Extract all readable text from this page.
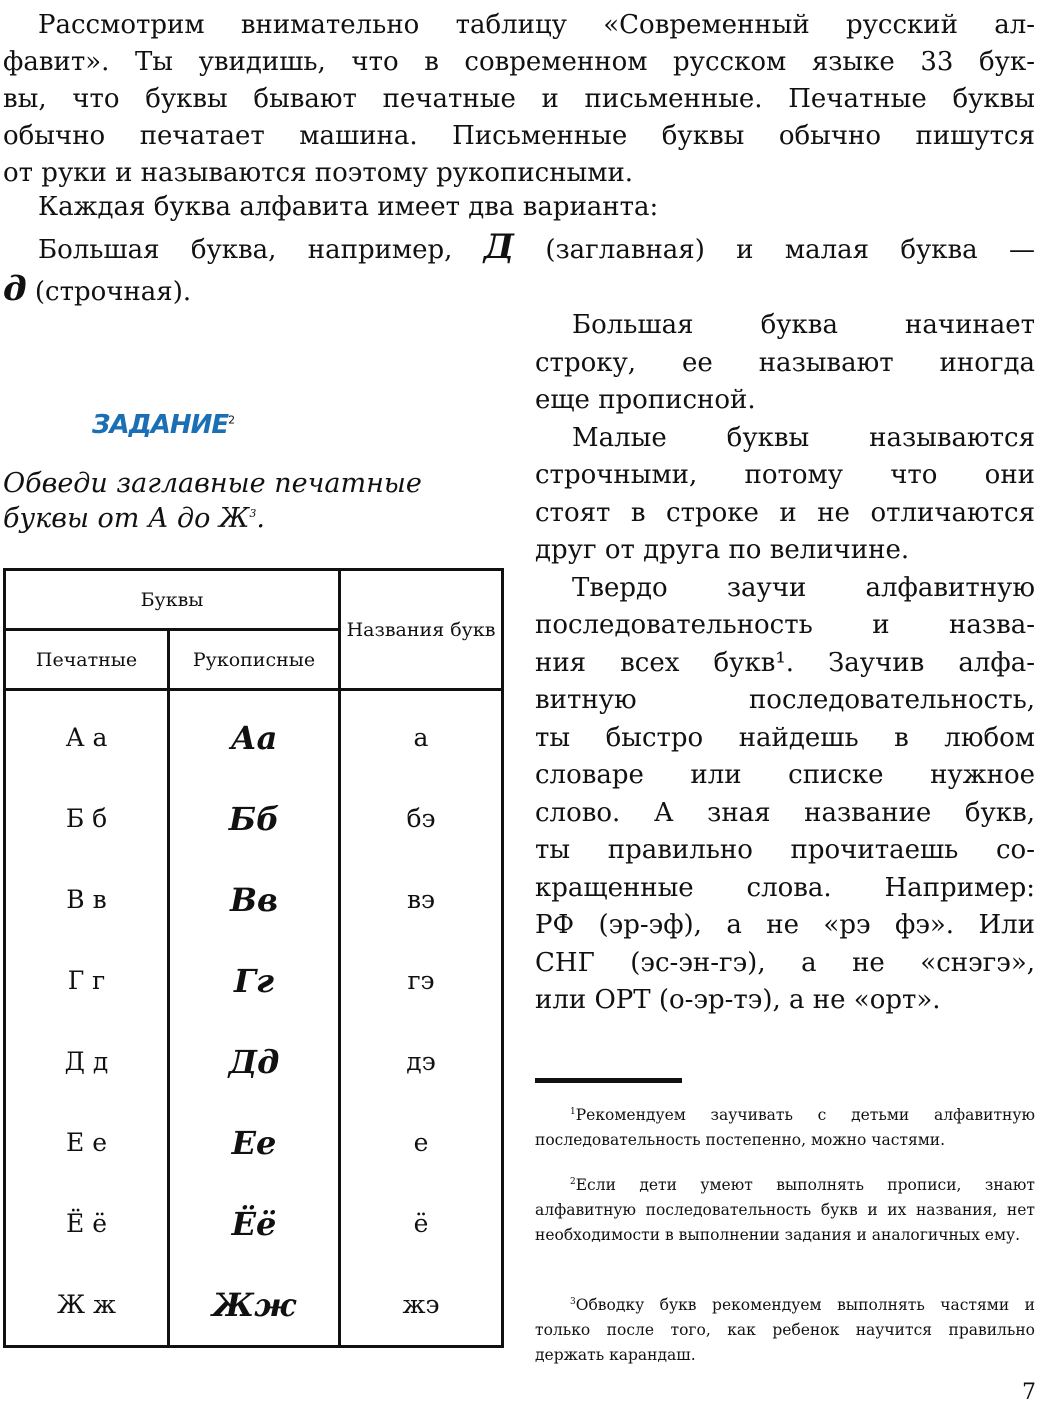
Рассмотрим внимательно таблицу «Современный русский ал-
фавит». Ты увидишь, что в современном русском языке 33 бук-
вы, что буквы бывают печатные и письменные. Печатные буквы
обычно печатает машина. Письменные буквы обычно пишутся
от руки и называются поэтому рукописными.
Каждая буква алфавита имеет два варианта:
Большая буква, например, Д (заглавная) и малая буква —
д (строчная).
ЗАДАНИЕ$^2$
Обведи заглавные печатные
буквы от А до $Ж^3$.
Буквы		Названия букв
Печатные	Рукописные	
А а	Аа	а
Б б	Бб	бэ
В в	Вв	вэ
Г г	Гг	гэ
Д д	Дд	дэ
Е е	Ее	е
Ё ё	Ёё	ё
Ж ж	Жж	жэ
Большая буква начинает
строку, ее называют иногда
еще прописной.
Малые буквы называются
строчными, потому что они
стоят в строке и не отличаются
друг от друга по величине.
Твердо заучи алфавитную
последовательность и назва-
ния всех букв¹. Заучив алфа-
витную последовательность,
ты быстро найдешь в любом
словаре или списке нужное
слово. А зная название букв,
ты правильно прочитаешь со-
кращенные слова. Например:
РФ (эр-эф), а не «рэ фэ». Или
СНГ (эс-эн-гэ), а не «снэгэ»,
или ОРТ (о-эр-тэ), а не «орт».
$^1$Рекомендуем заучивать с детьми алфавитную последовательность постепенно, можно частями.
$^2$Если дети умеют выполнять прописи, знают алфавитную последовательность букв и их названия, нет необходимости в выполнении задания и аналогичных ему.
$^3$Обводку букв рекомендуем выполнять частями и только после того, как ребенок научится правильно держать карандаш.
7
